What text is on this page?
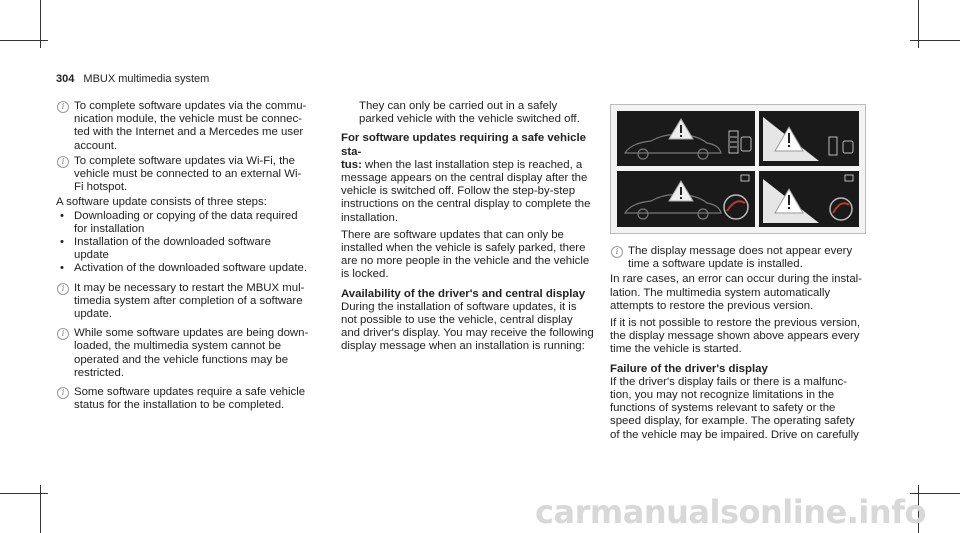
304 MBUX multimedia system

i To complete software updates via the commu-
nication module, the vehicle must be connec-
ted with the Internet and a Mercedes me user
account.

i To complete software updates via Wi-Fi, the
vehicle must be connected to an external Wi-
Fi hotspot.

A software update consists of three steps:

• Downloading or copying of the data required
for installation

• Installation of the downloaded software
update

• Activation of the downloaded software update.

i It may be necessary to restart the MBUX mul-
timedia system after completion of a software
update.

i While some software updates are being down-
loaded, the multimedia system cannot be
operated and the vehicle functions may be
restricted.

i Some software updates require a safe vehicle
status for the installation to be completed.

They can only be carried out in a safely
parked vehicle with the vehicle switched off.

For software updates requiring a safe vehicle sta-
tus: when the last installation step is reached, a
message appears on the central display after the
vehicle is switched off. Follow the step-by-step
instructions on the central display to complete the
installation.

There are software updates that can only be
installed when the vehicle is safely parked, there
are no more people in the vehicle and the vehicle
is locked.

Availability of the driver's and central display

During the installation of software updates, it is
not possible to use the vehicle, central display
and driver's display. You may receive the following
display message when an installation is running:

i The display message does not appear every
time a software update is installed.

In rare cases, an error can occur during the instal-
lation. The multimedia system automatically
attempts to restore the previous version.

If it is not possible to restore the previous version,
the display message shown above appears every
time the vehicle is started.

Failure of the driver's display

If the driver's display fails or there is a malfunc-
tion, you may not recognize limitations in the
functions of systems relevant to safety or the
speed display, for example. The operating safety
of the vehicle may be impaired. Drive on carefully

carmanualsonline.info
